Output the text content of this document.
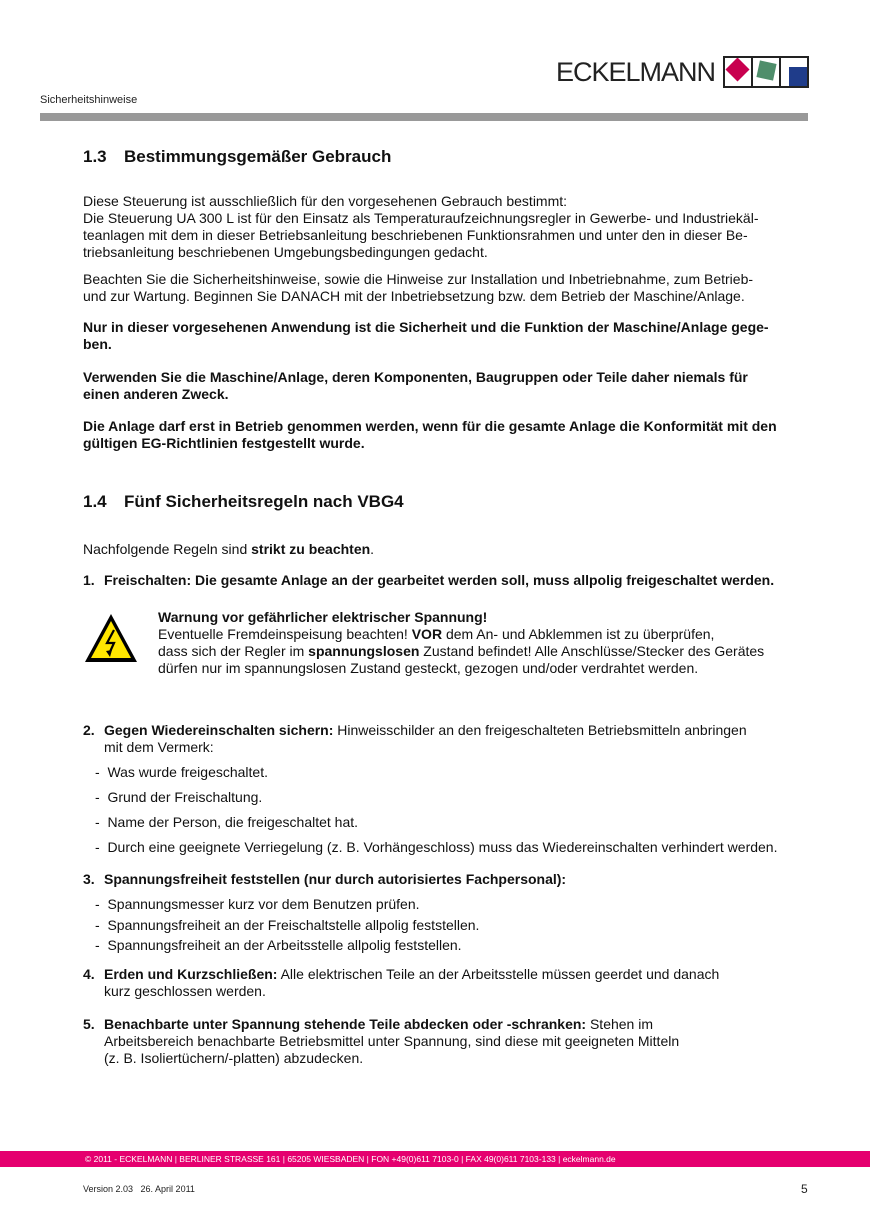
Sicherheitshinweise
ECKELMANN
1.3 Bestimmungsgemäßer Gebrauch
1.4 Fünf Sicherheitsregeln nach VBG4
Diese Steuerung ist ausschließlich für den vorgesehenen Gebrauch bestimmt:
Die Steuerung UA 300 L ist für den Einsatz als Temperaturaufzeichnungsregler in Gewerbe- und Industriekäl-
teanlagen mit dem in dieser Betriebsanleitung beschriebenen Funktionsrahmen und unter den in dieser Be-
triebsanleitung beschriebenen Umgebungsbedingungen gedacht.
Beachten Sie die Sicherheitshinweise, sowie die Hinweise zur Installation und Inbetriebnahme, zum Betrieb-
und zur Wartung. Beginnen Sie DANACH mit der Inbetriebsetzung bzw. dem Betrieb der Maschine/Anlage.
Nur in dieser vorgesehenen Anwendung ist die Sicherheit und die Funktion der Maschine/Anlage gege-
ben.
Verwenden Sie die Maschine/Anlage, deren Komponenten, Baugruppen oder Teile daher niemals für
einen anderen Zweck.
Die Anlage darf erst in Betrieb genommen werden, wenn für die gesamte Anlage die Konformität mit den
gültigen EG-Richtlinien festgestellt wurde.
Nachfolgende Regeln sind strikt zu beachten.
1. Freischalten: Die gesamte Anlage an der gearbeitet werden soll, muss allpolig freigeschaltet werden.
Warnung vor gefährlicher elektrischer Spannung!
Eventuelle Fremdeinspeisung beachten! VOR dem An- und Abklemmen ist zu überprüfen,
dass sich der Regler im spannungslosen Zustand befindet! Alle Anschlüsse/Stecker des Gerätes
dürfen nur im spannungslosen Zustand gesteckt, gezogen und/oder verdrahtet werden.
2. Gegen Wiedereinschalten sichern: Hinweisschilder an den freigeschalteten Betriebsmitteln anbringen
mit dem Vermerk:
-  Was wurde freigeschaltet.
-  Grund der Freischaltung.
-  Name der Person, die freigeschaltet hat.
-  Durch eine geeignete Verriegelung (z. B. Vorhängeschloss) muss das Wiedereinschalten verhindert werden.
3. Spannungsfreiheit feststellen (nur durch autorisiertes Fachpersonal):
-  Spannungsmesser kurz vor dem Benutzen prüfen.
-  Spannungsfreiheit an der Freischaltstelle allpolig feststellen.
-  Spannungsfreiheit an der Arbeitsstelle allpolig feststellen.
4. Erden und Kurzschließen: Alle elektrischen Teile an der Arbeitsstelle müssen geerdet und danach
kurz geschlossen werden.
5. Benachbarte unter Spannung stehende Teile abdecken oder -schranken: Stehen im
Arbeitsbereich benachbarte Betriebsmittel unter Spannung, sind diese mit geeigneten Mitteln
(z. B. Isoliertüchern/-platten) abzudecken.
© 2011 - ECKELMANN | BERLINER STRASSE 161 | 65205 WIESBADEN | FON +49(0)611 7103-0 | FAX 49(0)611 7103-133 | eckelmann.de
Version 2.03   26. April 2011	5
